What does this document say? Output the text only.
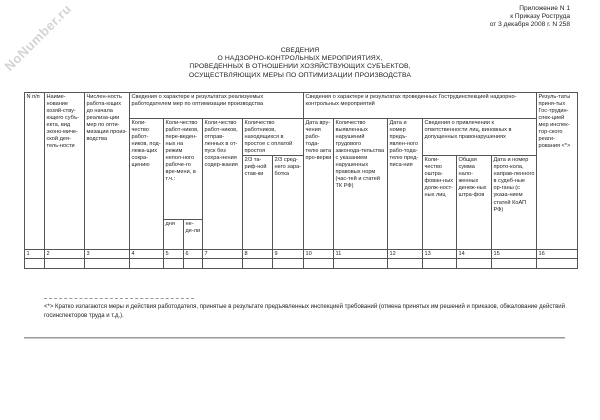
NoNumber.ru	Приложение N 1
к Приказу Роструда
от 3 декабря 2008 г. N 258
СВЕДЕНИЯ
О НАДЗОРНО-КОНТРОЛЬНЫХ МЕРОПРИЯТИЯХ,
ПРОВЕДЕННЫХ В ОТНОШЕНИИ ХОЗЯЙСТВУЮЩИХ СУБЪЕКТОВ,
ОСУЩЕСТВЛЯЮЩИХ МЕРЫ ПО ОПТИМИЗАЦИИ ПРОИЗВОДСТВА
N п/п	Наиме-нование хозяй-ству-ющего субъ-екта, вид эконо-миче-ской дея-тель-ности	Числен-ность работа-ющих до начала реализа-ции мер по опти-мизации произ-водства	Сведения о характере и результатах реализуемых работодателем мер по оптимизации производства						Сведения о характере и результатах проведенных Гострудинспекцией надзорно-контрольных мероприятий						Резуль-таты приня-тых Гос-трудин-спек-цией мер инспек-тор-ского реаги-рования <*>
			Коли-чество работ-ников, под-лежа-щих сокра-щению	Коли-чество работ-ников, пере-веден-ных на режим непол-ного рабоче-го вре-мени, в т.ч.:		Коли-чество работ-ников, отправ-ленных в от-пуск без сохра-нения содер-жания	Количество работников, находящихся в простое с оплатой простоя		Дата вру-чения рабо-тода-телю акта про-верки	Количество выявленных нарушений трудового законода-тельства с указанием нарушенных правовых норм (час-тей и статей ТК РФ)	Дата и номер предъ-явлен-ного рабо-тода-телю пред-писа-ния	Сведения о привлечении к ответственности лиц, виновных в допущенных правонарушениях			
							2/3 та-риф-ной став-ки	2/3 сред-него зара-ботка				Коли-чество оштра-фован-ных долж-ност-ных лиц	Общая сумма нало-женных денеж-ных штра-фов	Дата и номер прото-кола, направ-ленного в судеб-ные ор-ганы (с указа-нием статей КоАП РФ)	
				дня	не-де-ли										
1	2	3	4	5	6	7	8	9	10	11	12	13	14	15	16

<*> Кратко излагаются меры и действия работодателя, принятые в результате предъявленных инспекцией требований (отмена принятых им решений и приказов, обжалование действий госинспекторов труда и т.д.).
